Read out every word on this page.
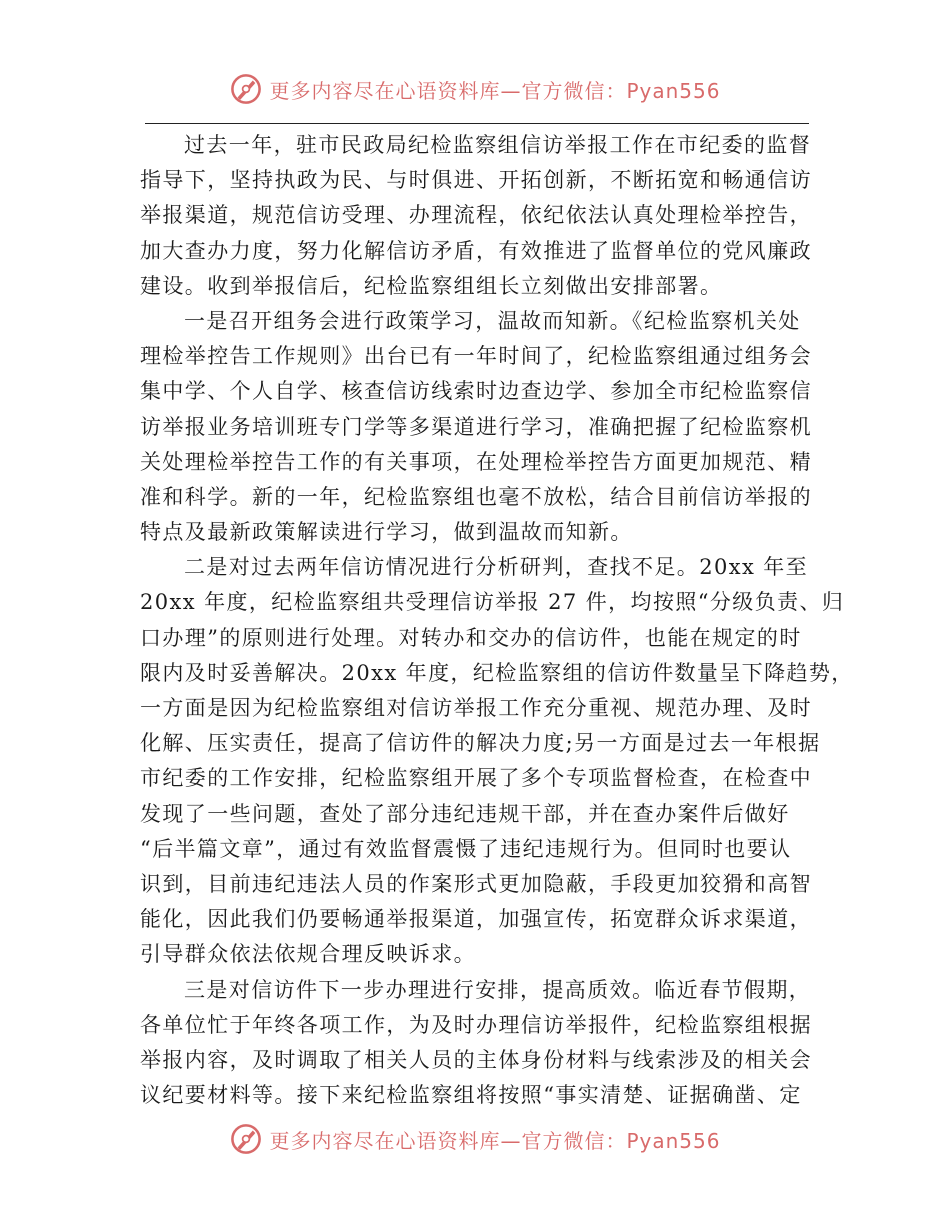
更多内容尽在心语资料库—官方微信：Pyan556
过去一年，驻市民政局纪检监察组信访举报工作在市纪委的监督
指导下，坚持执政为民、与时俱进、开拓创新，不断拓宽和畅通信访
举报渠道，规范信访受理、办理流程，依纪依法认真处理检举控告，
加大查办力度，努力化解信访矛盾，有效推进了监督单位的党风廉政
建设。收到举报信后，纪检监察组组长立刻做出安排部署。
一是召开组务会进行政策学习，温故而知新。《纪检监察机关处
理检举控告工作规则》出台已有一年时间了，纪检监察组通过组务会
集中学、个人自学、核查信访线索时边查边学、参加全市纪检监察信
访举报业务培训班专门学等多渠道进行学习，准确把握了纪检监察机
关处理检举控告工作的有关事项，在处理检举控告方面更加规范、精
准和科学。新的一年，纪检监察组也毫不放松，结合目前信访举报的
特点及最新政策解读进行学习，做到温故而知新。
二是对过去两年信访情况进行分析研判，查找不足。20xx 年至
20xx 年度，纪检监察组共受理信访举报 27 件，均按照“分级负责、归
口办理”的原则进行处理。对转办和交办的信访件，也能在规定的时
限内及时妥善解决。20xx 年度，纪检监察组的信访件数量呈下降趋势，
一方面是因为纪检监察组对信访举报工作充分重视、规范办理、及时
化解、压实责任，提高了信访件的解决力度;另一方面是过去一年根据
市纪委的工作安排，纪检监察组开展了多个专项监督检查，在检查中
发现了一些问题，查处了部分违纪违规干部，并在查办案件后做好
“后半篇文章”，通过有效监督震慑了违纪违规行为。但同时也要认
识到，目前违纪违法人员的作案形式更加隐蔽，手段更加狡猾和高智
能化，因此我们仍要畅通举报渠道，加强宣传，拓宽群众诉求渠道，
引导群众依法依规合理反映诉求。
三是对信访件下一步办理进行安排，提高质效。临近春节假期，
各单位忙于年终各项工作，为及时办理信访举报件，纪检监察组根据
举报内容，及时调取了相关人员的主体身份材料与线索涉及的相关会
议纪要材料等。接下来纪检监察组将按照“事实清楚、证据确凿、定
更多内容尽在心语资料库—官方微信：Pyan556
